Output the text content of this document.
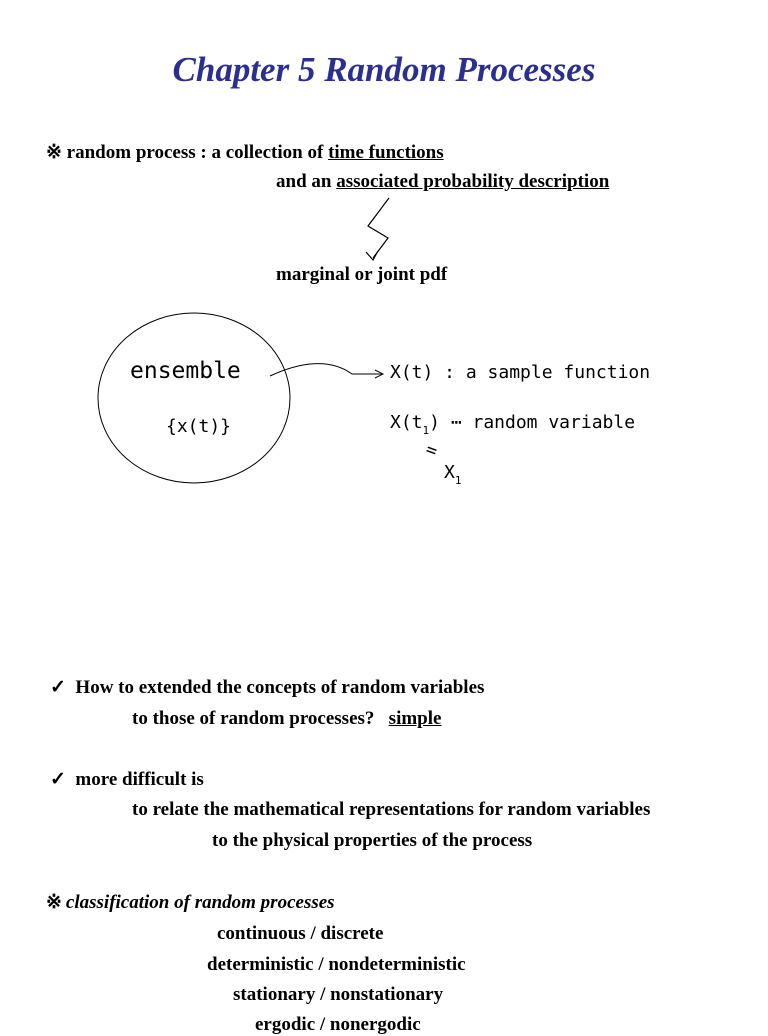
Chapter 5 Random Processes
※ random process : a collection of time functions
and an associated probability description
marginal or joint pdf
ensemble
{x(t)}
X(t) : a sample function
$X(t_1)$ ⋯ random variable
=
$X_1$
✓ How to extended the concepts of random variables
to those of random processes? simple
✓ more difficult is
to relate the mathematical representations for random variables
to the physical properties of the process
※ classification of random processes
continuous / discrete
deterministic / nondeterministic
stationary / nonstationary
ergodic / nonergodic
